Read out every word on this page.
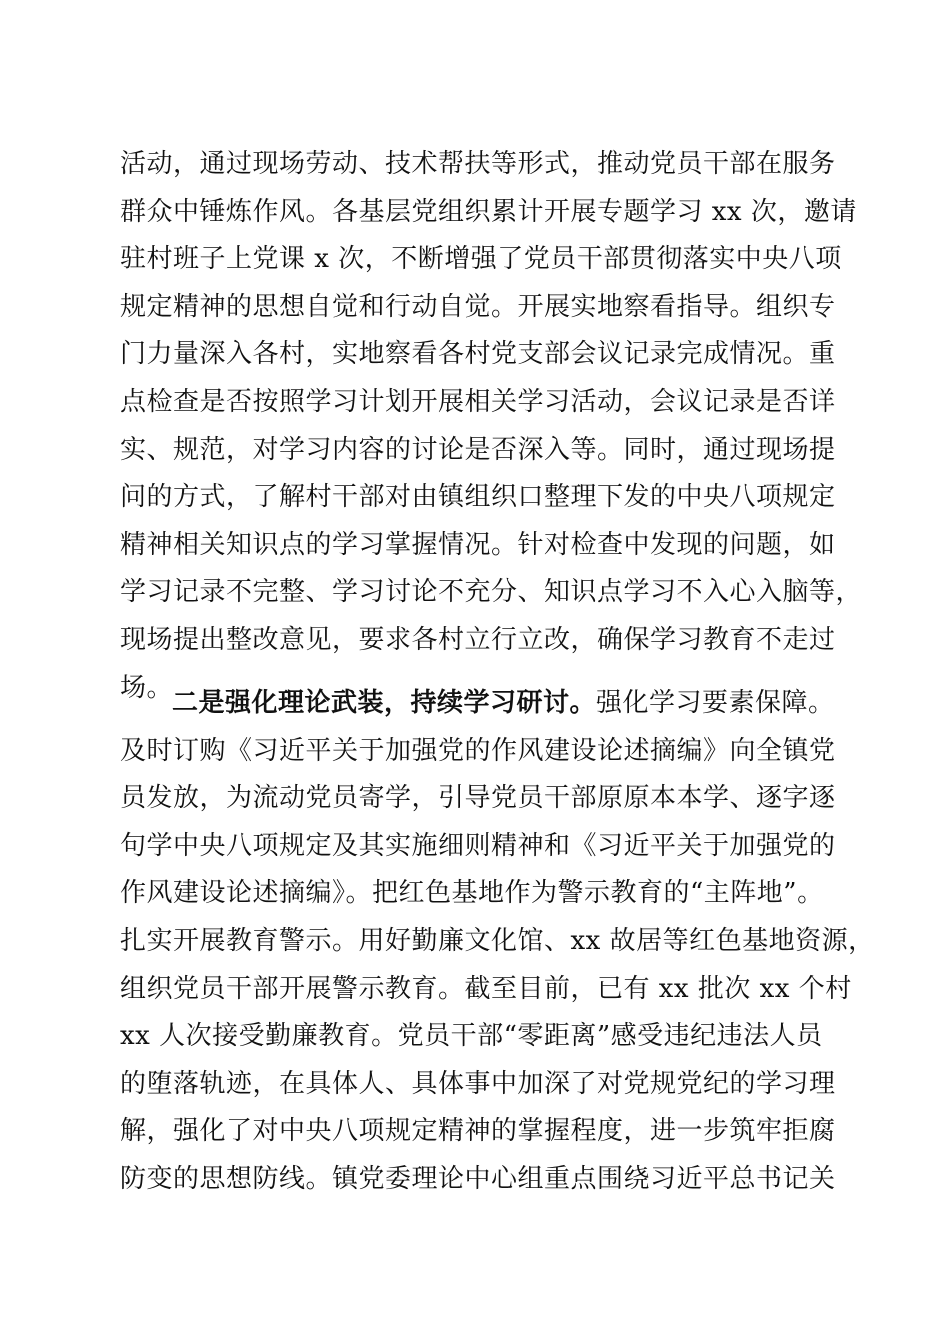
活动，通过现场劳动、技术帮扶等形式，推动党员干部在服务
群众中锤炼作风。各基层党组织累计开展专题学习 xx 次，邀请
驻村班子上党课 x 次，不断增强了党员干部贯彻落实中央八项
规定精神的思想自觉和行动自觉。开展实地察看指导。组织专
门力量深入各村，实地察看各村党支部会议记录完成情况。重
点检查是否按照学习计划开展相关学习活动，会议记录是否详
实、规范，对学习内容的讨论是否深入等。同时，通过现场提
问的方式，了解村干部对由镇组织口整理下发的中央八项规定
精神相关知识点的学习掌握情况。针对检查中发现的问题，如
学习记录不完整、学习讨论不充分、知识点学习不入心入脑等，
现场提出整改意见，要求各村立行立改，确保学习教育不走过
场。
二是强化理论武装，持续学习研讨。强化学习要素保障。
及时订购《习近平关于加强党的作风建设论述摘编》向全镇党
员发放，为流动党员寄学，引导党员干部原原本本学、逐字逐
句学中央八项规定及其实施细则精神和《习近平关于加强党的
作风建设论述摘编》。把红色基地作为警示教育的“主阵地”。
扎实开展教育警示。用好勤廉文化馆、xx 故居等红色基地资源，
组织党员干部开展警示教育。截至目前，已有 xx 批次 xx 个村
xx 人次接受勤廉教育。党员干部“零距离”感受违纪违法人员
的堕落轨迹，在具体人、具体事中加深了对党规党纪的学习理
解，强化了对中央八项规定精神的掌握程度，进一步筑牢拒腐
防变的思想防线。镇党委理论中心组重点围绕习近平总书记关
